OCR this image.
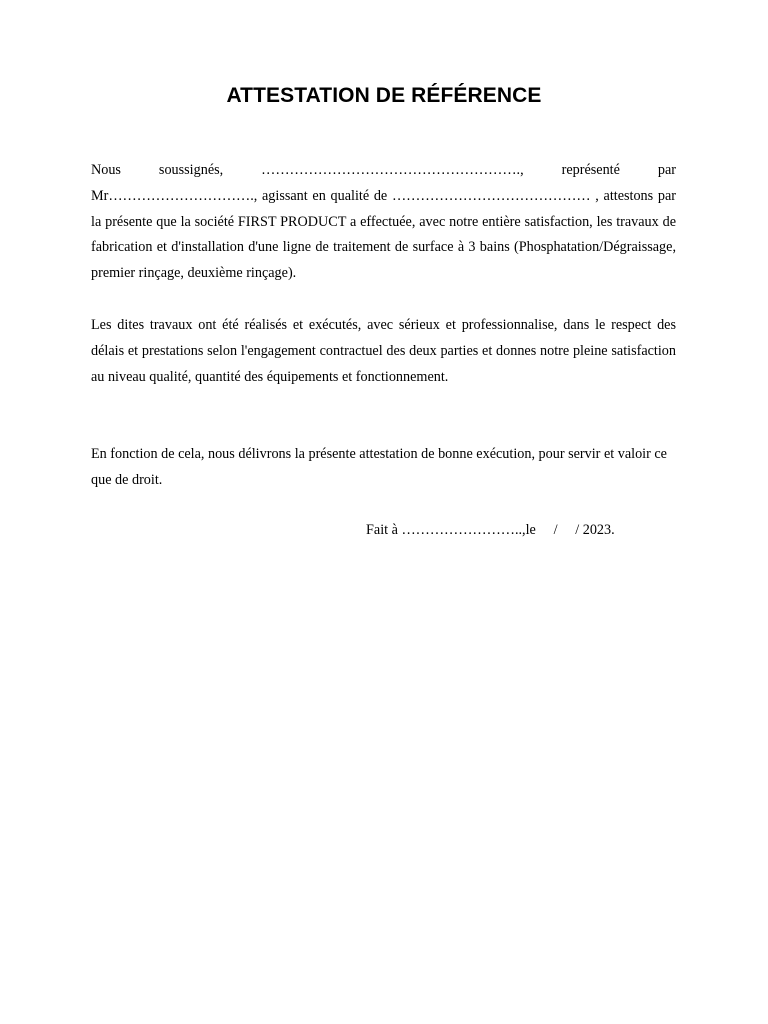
ATTESTATION DE RÉFÉRENCE

Nous soussignés, ………………………………………………., représenté par Mr…………………………., agissant en qualité de …………………………………… , attestons par la présente que la société FIRST PRODUCT a effectuée, avec notre entière satisfaction, les travaux de fabrication et d'installation d'une ligne de traitement de surface à 3 bains (Phosphatation/Dégraissage, premier rinçage, deuxième rinçage).

Les dites travaux ont été réalisés et exécutés, avec sérieux et professionnalise, dans le respect des délais et prestations selon l'engagement contractuel des deux parties et donnes notre pleine satisfaction au niveau qualité, quantité des équipements et fonctionnement.

En fonction de cela, nous délivrons la présente attestation de bonne exécution, pour servir et valoir ce que de droit.

Fait à ……………………..,le     /     / 2023.
